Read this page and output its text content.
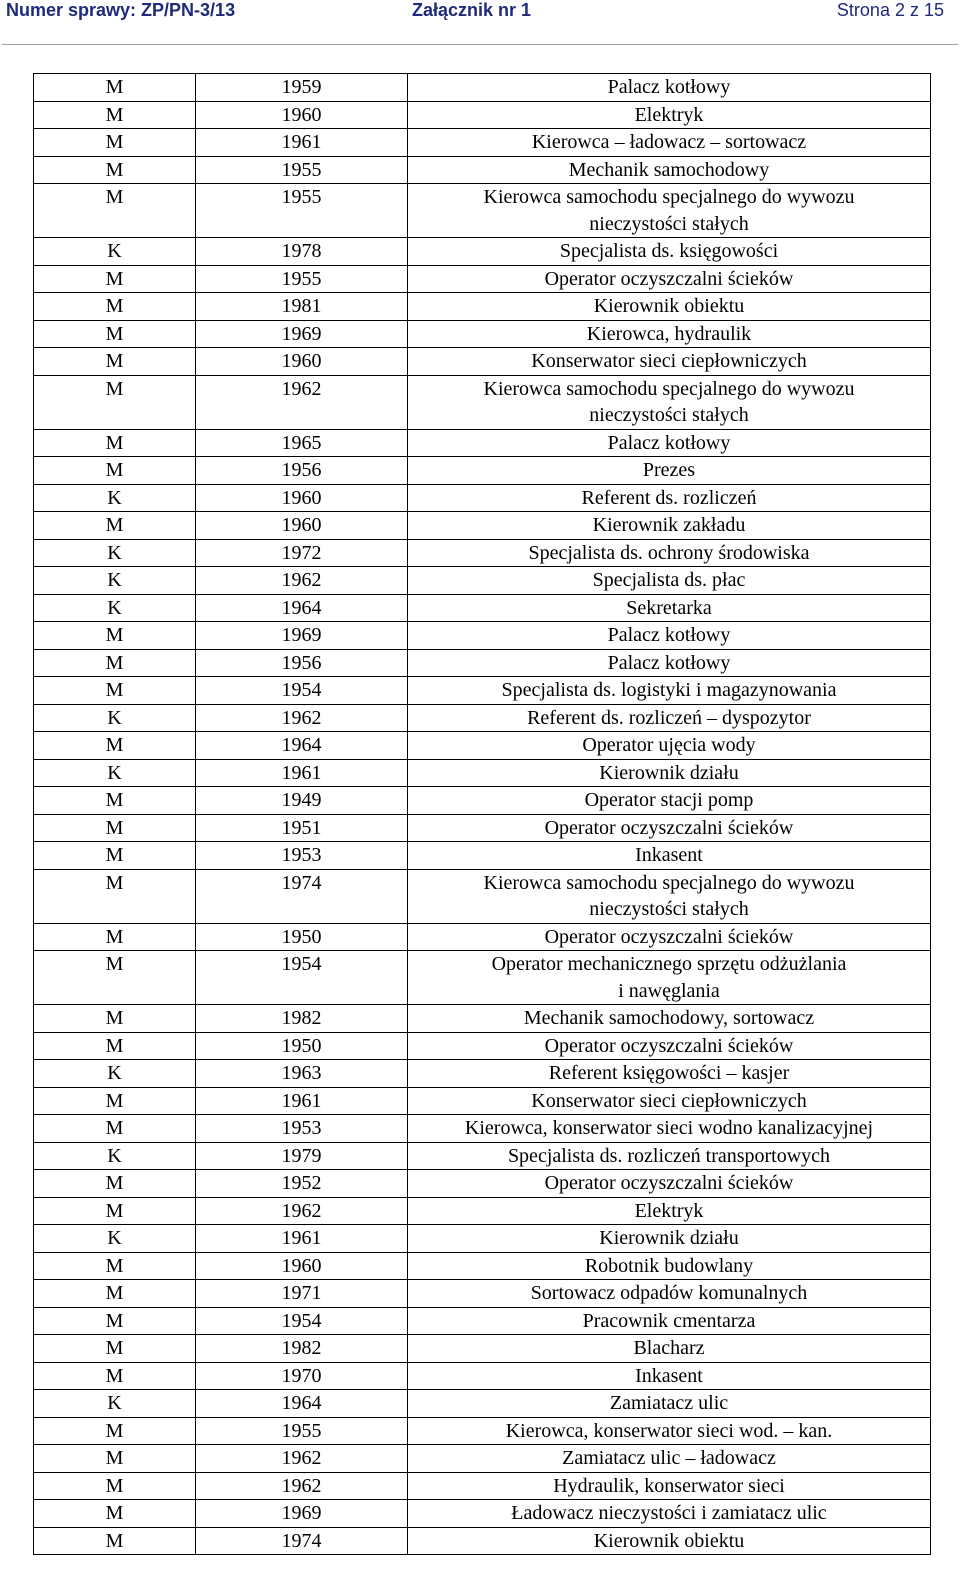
Numer sprawy: ZP/PN-3/13	Załącznik nr 1	Strona 2 z 15
M	1959	Palacz kotłowy
M	1960	Elektryk
M	1961	Kierowca – ładowacz – sortowacz
M	1955	Mechanik samochodowy
M	1955	Kierowca samochodu specjalnego do wywozu
nieczystości stałych
K	1978	Specjalista ds. księgowości
M	1955	Operator oczyszczalni ścieków
M	1981	Kierownik obiektu
M	1969	Kierowca, hydraulik
M	1960	Konserwator sieci ciepłowniczych
M	1962	Kierowca samochodu specjalnego do wywozu
nieczystości stałych
M	1965	Palacz kotłowy
M	1956	Prezes
K	1960	Referent ds. rozliczeń
M	1960	Kierownik zakładu
K	1972	Specjalista ds. ochrony środowiska
K	1962	Specjalista ds. płac
K	1964	Sekretarka
M	1969	Palacz kotłowy
M	1956	Palacz kotłowy
M	1954	Specjalista ds. logistyki i magazynowania
K	1962	Referent ds. rozliczeń – dyspozytor
M	1964	Operator ujęcia wody
K	1961	Kierownik działu
M	1949	Operator stacji pomp
M	1951	Operator oczyszczalni ścieków
M	1953	Inkasent
M	1974	Kierowca samochodu specjalnego do wywozu
nieczystości stałych
M	1950	Operator oczyszczalni ścieków
M	1954	Operator mechanicznego sprzętu odżużlania
i nawęglania
M	1982	Mechanik samochodowy, sortowacz
M	1950	Operator oczyszczalni ścieków
K	1963	Referent księgowości – kasjer
M	1961	Konserwator sieci ciepłowniczych
M	1953	Kierowca, konserwator sieci wodno kanalizacyjnej
K	1979	Specjalista ds. rozliczeń transportowych
M	1952	Operator oczyszczalni ścieków
M	1962	Elektryk
K	1961	Kierownik działu
M	1960	Robotnik budowlany
M	1971	Sortowacz odpadów komunalnych
M	1954	Pracownik cmentarza
M	1982	Blacharz
M	1970	Inkasent
K	1964	Zamiatacz ulic
M	1955	Kierowca, konserwator sieci wod. – kan.
M	1962	Zamiatacz ulic – ładowacz
M	1962	Hydraulik, konserwator sieci
M	1969	Ładowacz nieczystości i zamiatacz ulic
M	1974	Kierownik obiektu
